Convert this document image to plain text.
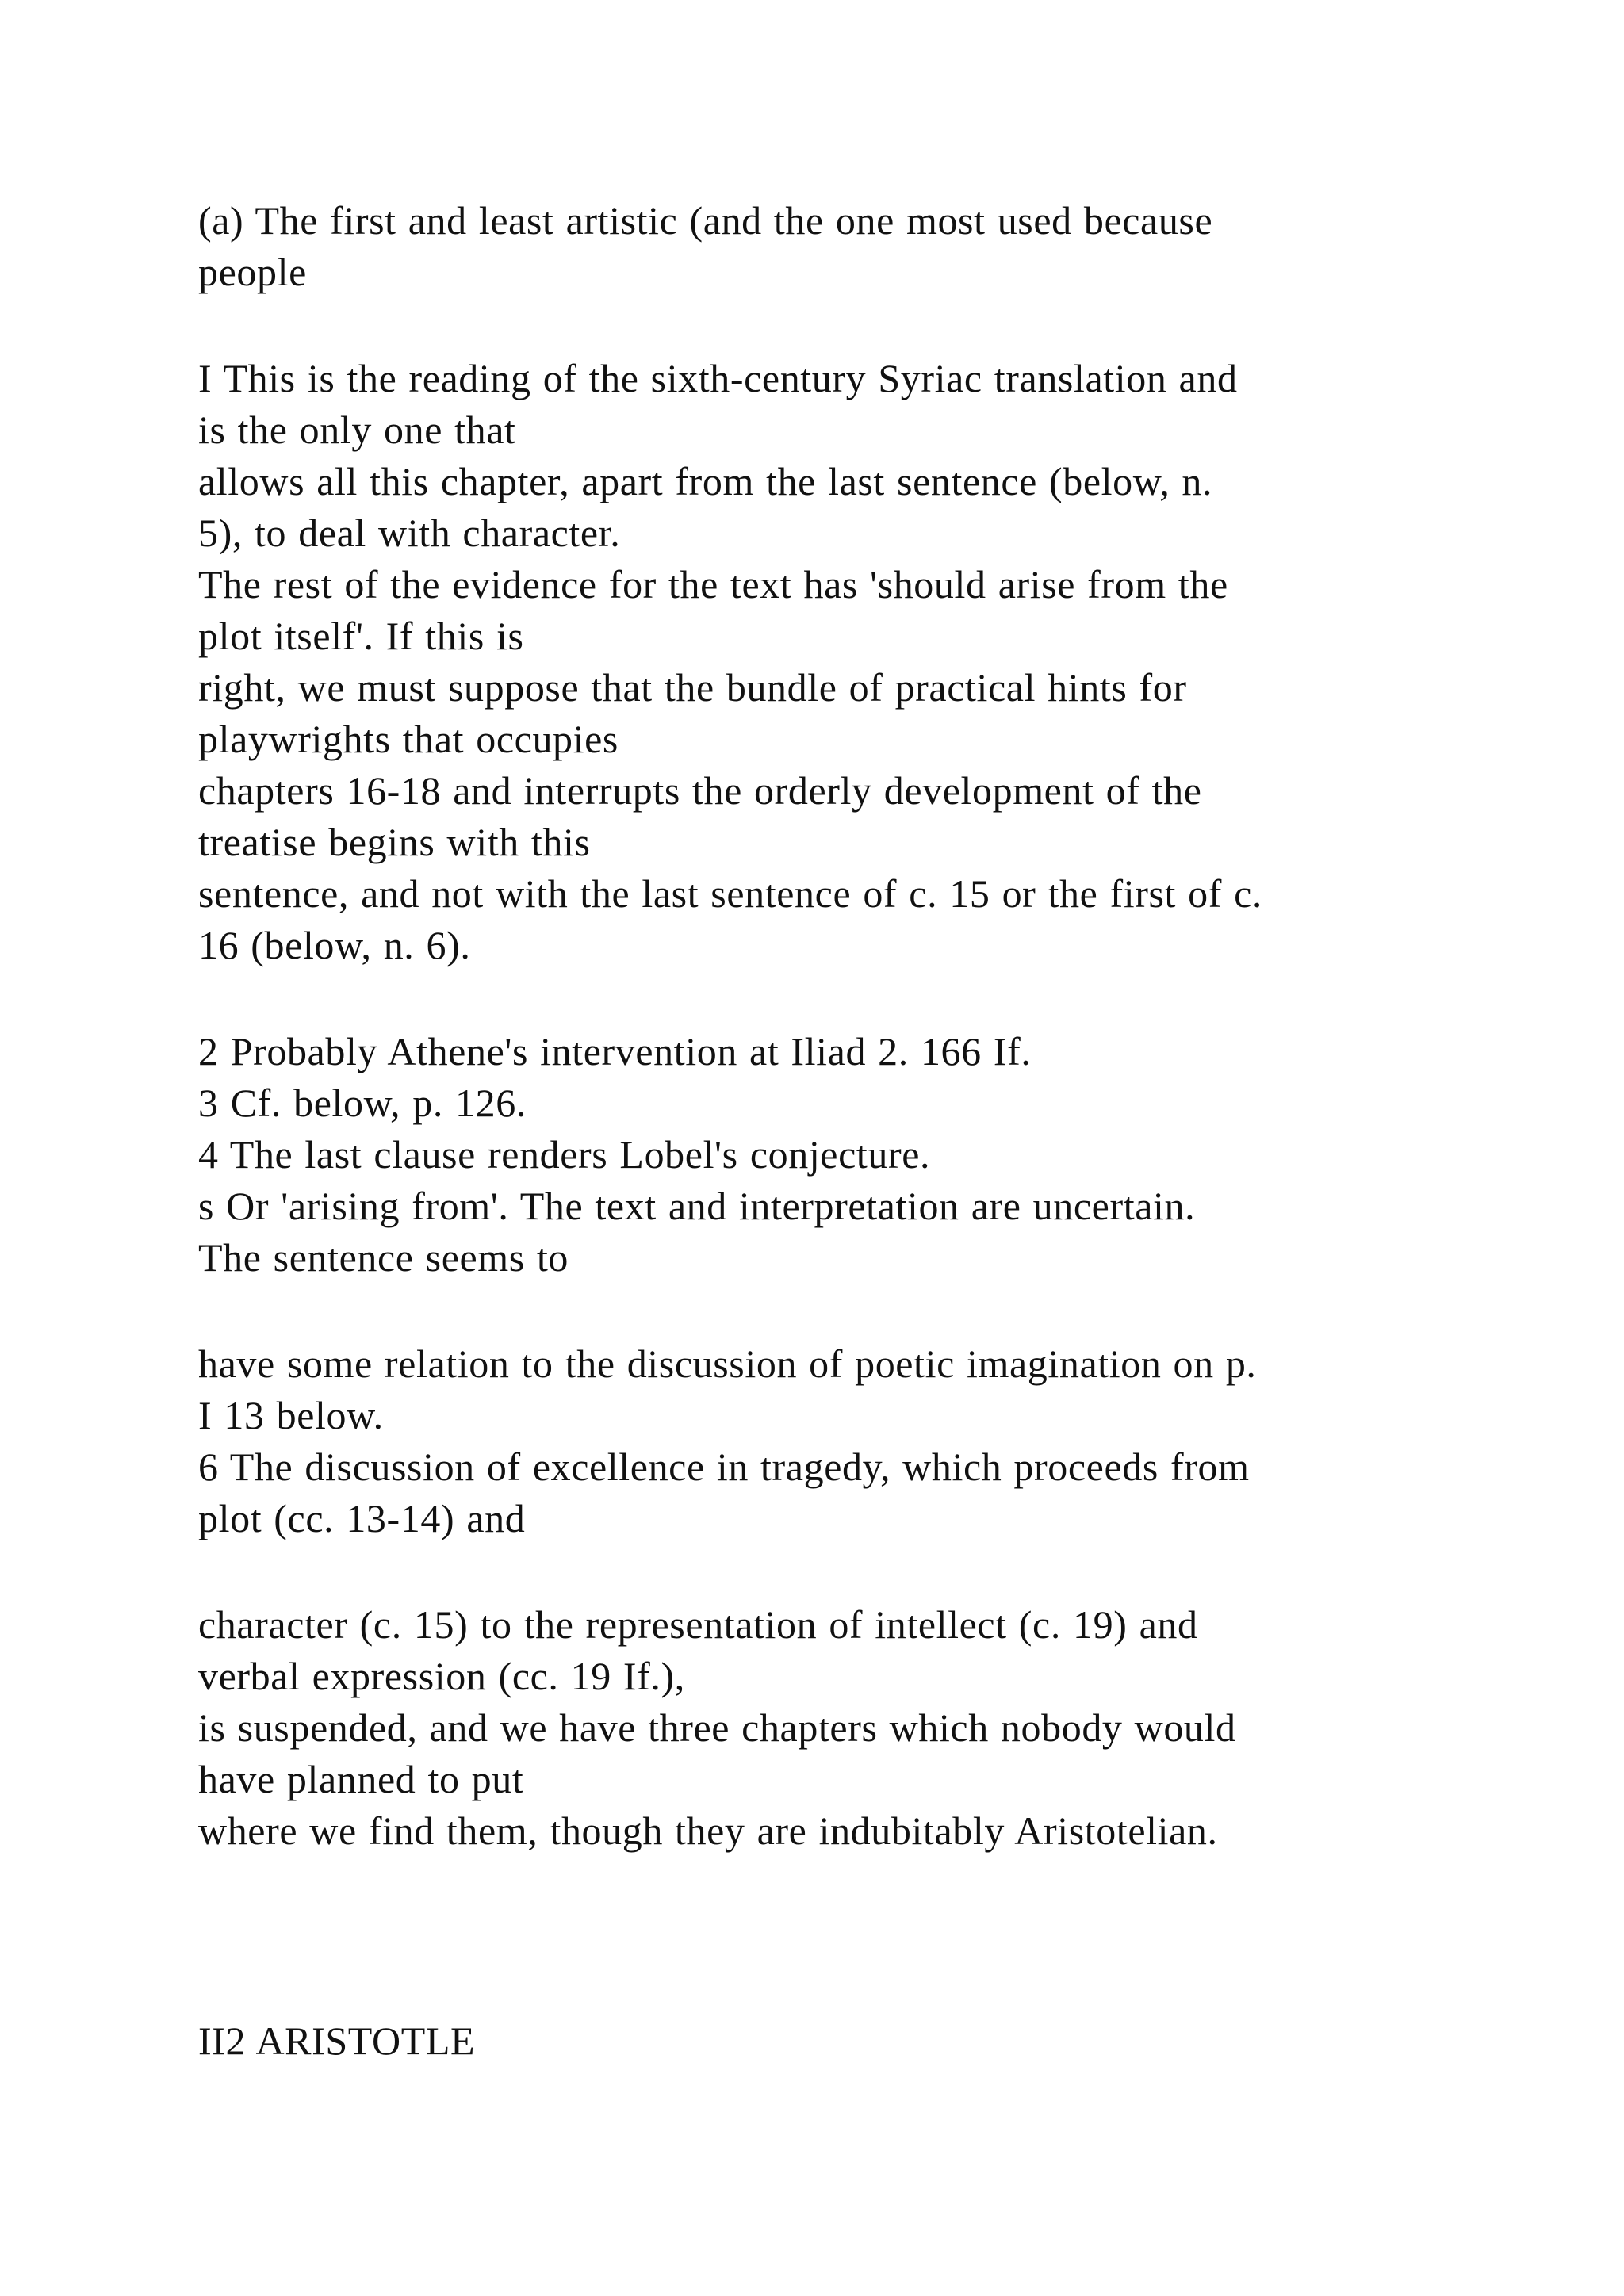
(a) The first and least artistic (and the one most used because

people

I This is the reading of the sixth-century Syriac translation and

is the only one that

allows all this chapter, apart from the last sentence (below, n.

5), to deal with character.

The rest of the evidence for the text has 'should arise from the

plot itself'. If this is

right, we must suppose that the bundle of practical hints for

playwrights that occupies

chapters 16-18 and interrupts the orderly development of the

treatise begins with this

sentence, and not with the last sentence of c. 15 or the first of c.

16 (below, n. 6).

2 Probably Athene's intervention at Iliad 2. 166 If.

3 Cf. below, p. 126.

4 The last clause renders Lobel's conjecture.

s Or 'arising from'. The text and interpretation are uncertain.

The sentence seems to

have some relation to the discussion of poetic imagination on p.

I 13 below.

6 The discussion of excellence in tragedy, which proceeds from

plot (cc. 13-14) and

character (c. 15) to the representation of intellect (c. 19) and

verbal expression (cc. 19 If.),

is suspended, and we have three chapters which nobody would

have planned to put

where we find them, though they are indubitably Aristotelian.

II2 ARISTOTLE
